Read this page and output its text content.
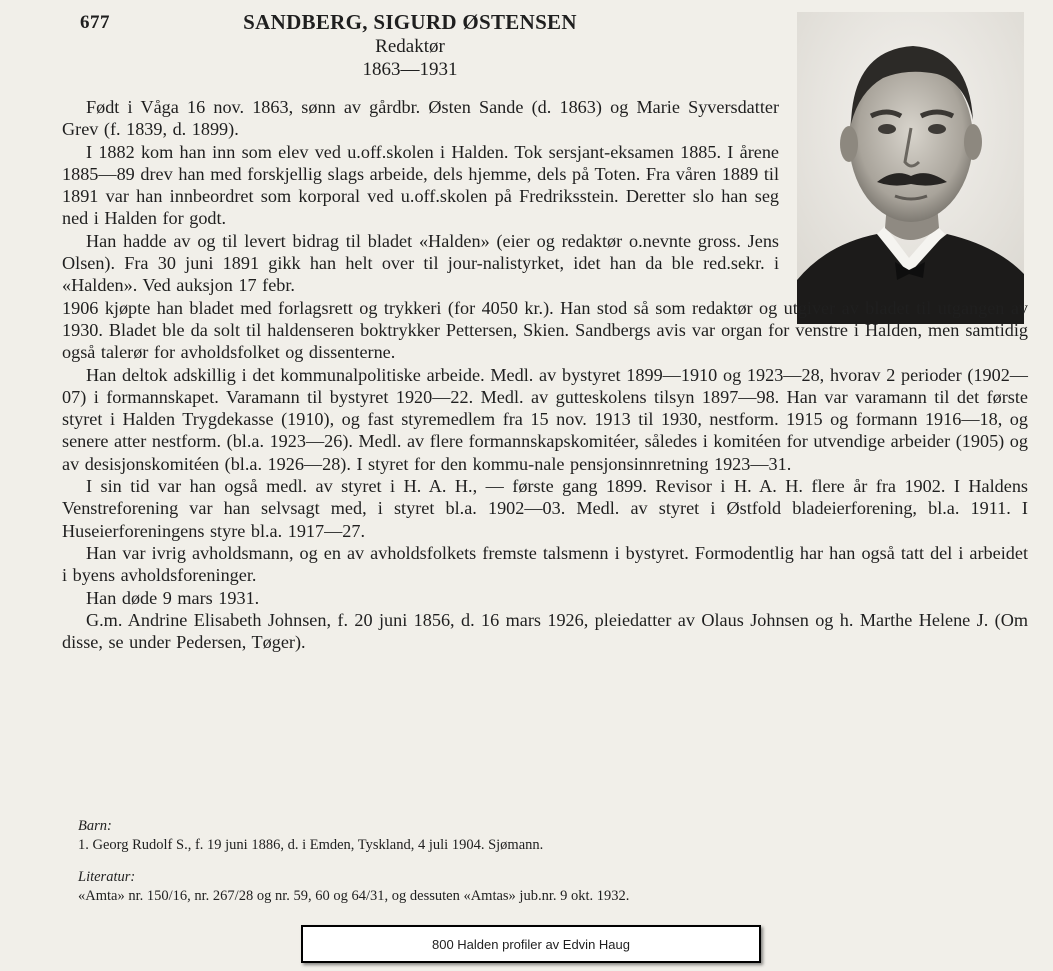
677	SANDBERG, SIGURD ØSTENSEN
Redaktør
1863—1931

Født i Våga 16 nov. 1863, sønn av gårdbr. Østen Sande (d. 1863) og Marie Syversdatter Grev (f. 1839, d. 1899).

I 1882 kom han inn som elev ved u.off.skolen i Halden. Tok sersjant-eksamen 1885. I årene 1885—89 drev han med forskjellig slags arbeide, dels hjemme, dels på Toten. Fra våren 1889 til 1891 var han innbeordret som korporal ved u.off.skolen på Fredriksstein. Deretter slo han seg ned i Halden for godt.

Han hadde av og til levert bidrag til bladet «Halden» (eier og redaktør o.nevnte gross. Jens Olsen). Fra 30 juni 1891 gikk han helt over til jour-nalistyrket, idet han da ble red.sekr. i «Halden». Ved auksjon 17 febr.

1906 kjøpte han bladet med forlagsrett og trykkeri (for 4050 kr.). Han stod så som redaktør og utgiver av bladet til utgangen av 1930. Bladet ble da solt til haldenseren boktrykker Pettersen, Skien. Sandbergs avis var organ for venstre i Halden, men samtidig også talerør for avholdsfolket og dissenterne.

Han deltok adskillig i det kommunalpolitiske arbeide. Medl. av bystyret 1899—1910 og 1923—28, hvorav 2 perioder (1902—07) i formannskapet. Varamann til bystyret 1920—22. Medl. av gutteskolens tilsyn 1897—98. Han var varamann til det første styret i Halden Trygdekasse (1910), og fast styremedlem fra 15 nov. 1913 til 1930, nestform. 1915 og formann 1916—18, og senere atter nestform. (bl.a. 1923—26). Medl. av flere formannskapskomitéer, således i komitéen for utvendige arbeider (1905) og av desisjonskomitéen (bl.a. 1926—28). I styret for den kommu-nale pensjonsinnretning 1923—31.

I sin tid var han også medl. av styret i H. A. H., — første gang 1899. Revisor i H. A. H. flere år fra 1902. I Haldens Venstreforening var han selvsagt med, i styret bl.a. 1902—03. Medl. av styret i Østfold bladeierforening, bl.a. 1911. I Huseierforeningens styre bl.a. 1917—27.

Han var ivrig avholdsmann, og en av avholdsfolkets fremste talsmenn i bystyret. Formodentlig har han også tatt del i arbeidet i byens avholdsforeninger.

Han døde 9 mars 1931.

G.m. Andrine Elisabeth Johnsen, f. 20 juni 1856, d. 16 mars 1926, pleiedatter av Olaus Johnsen og h. Marthe Helene J. (Om disse, se under Pedersen, Tøger).

Barn:
1. Georg Rudolf S., f. 19 juni 1886, d. i Emden, Tyskland, 4 juli 1904. Sjømann.
Literatur:
«Amta» nr. 150/16, nr. 267/28 og nr. 59, 60 og 64/31, og dessuten «Amtas» jub.nr. 9 okt. 1932.
800 Halden profiler av Edvin Haug
